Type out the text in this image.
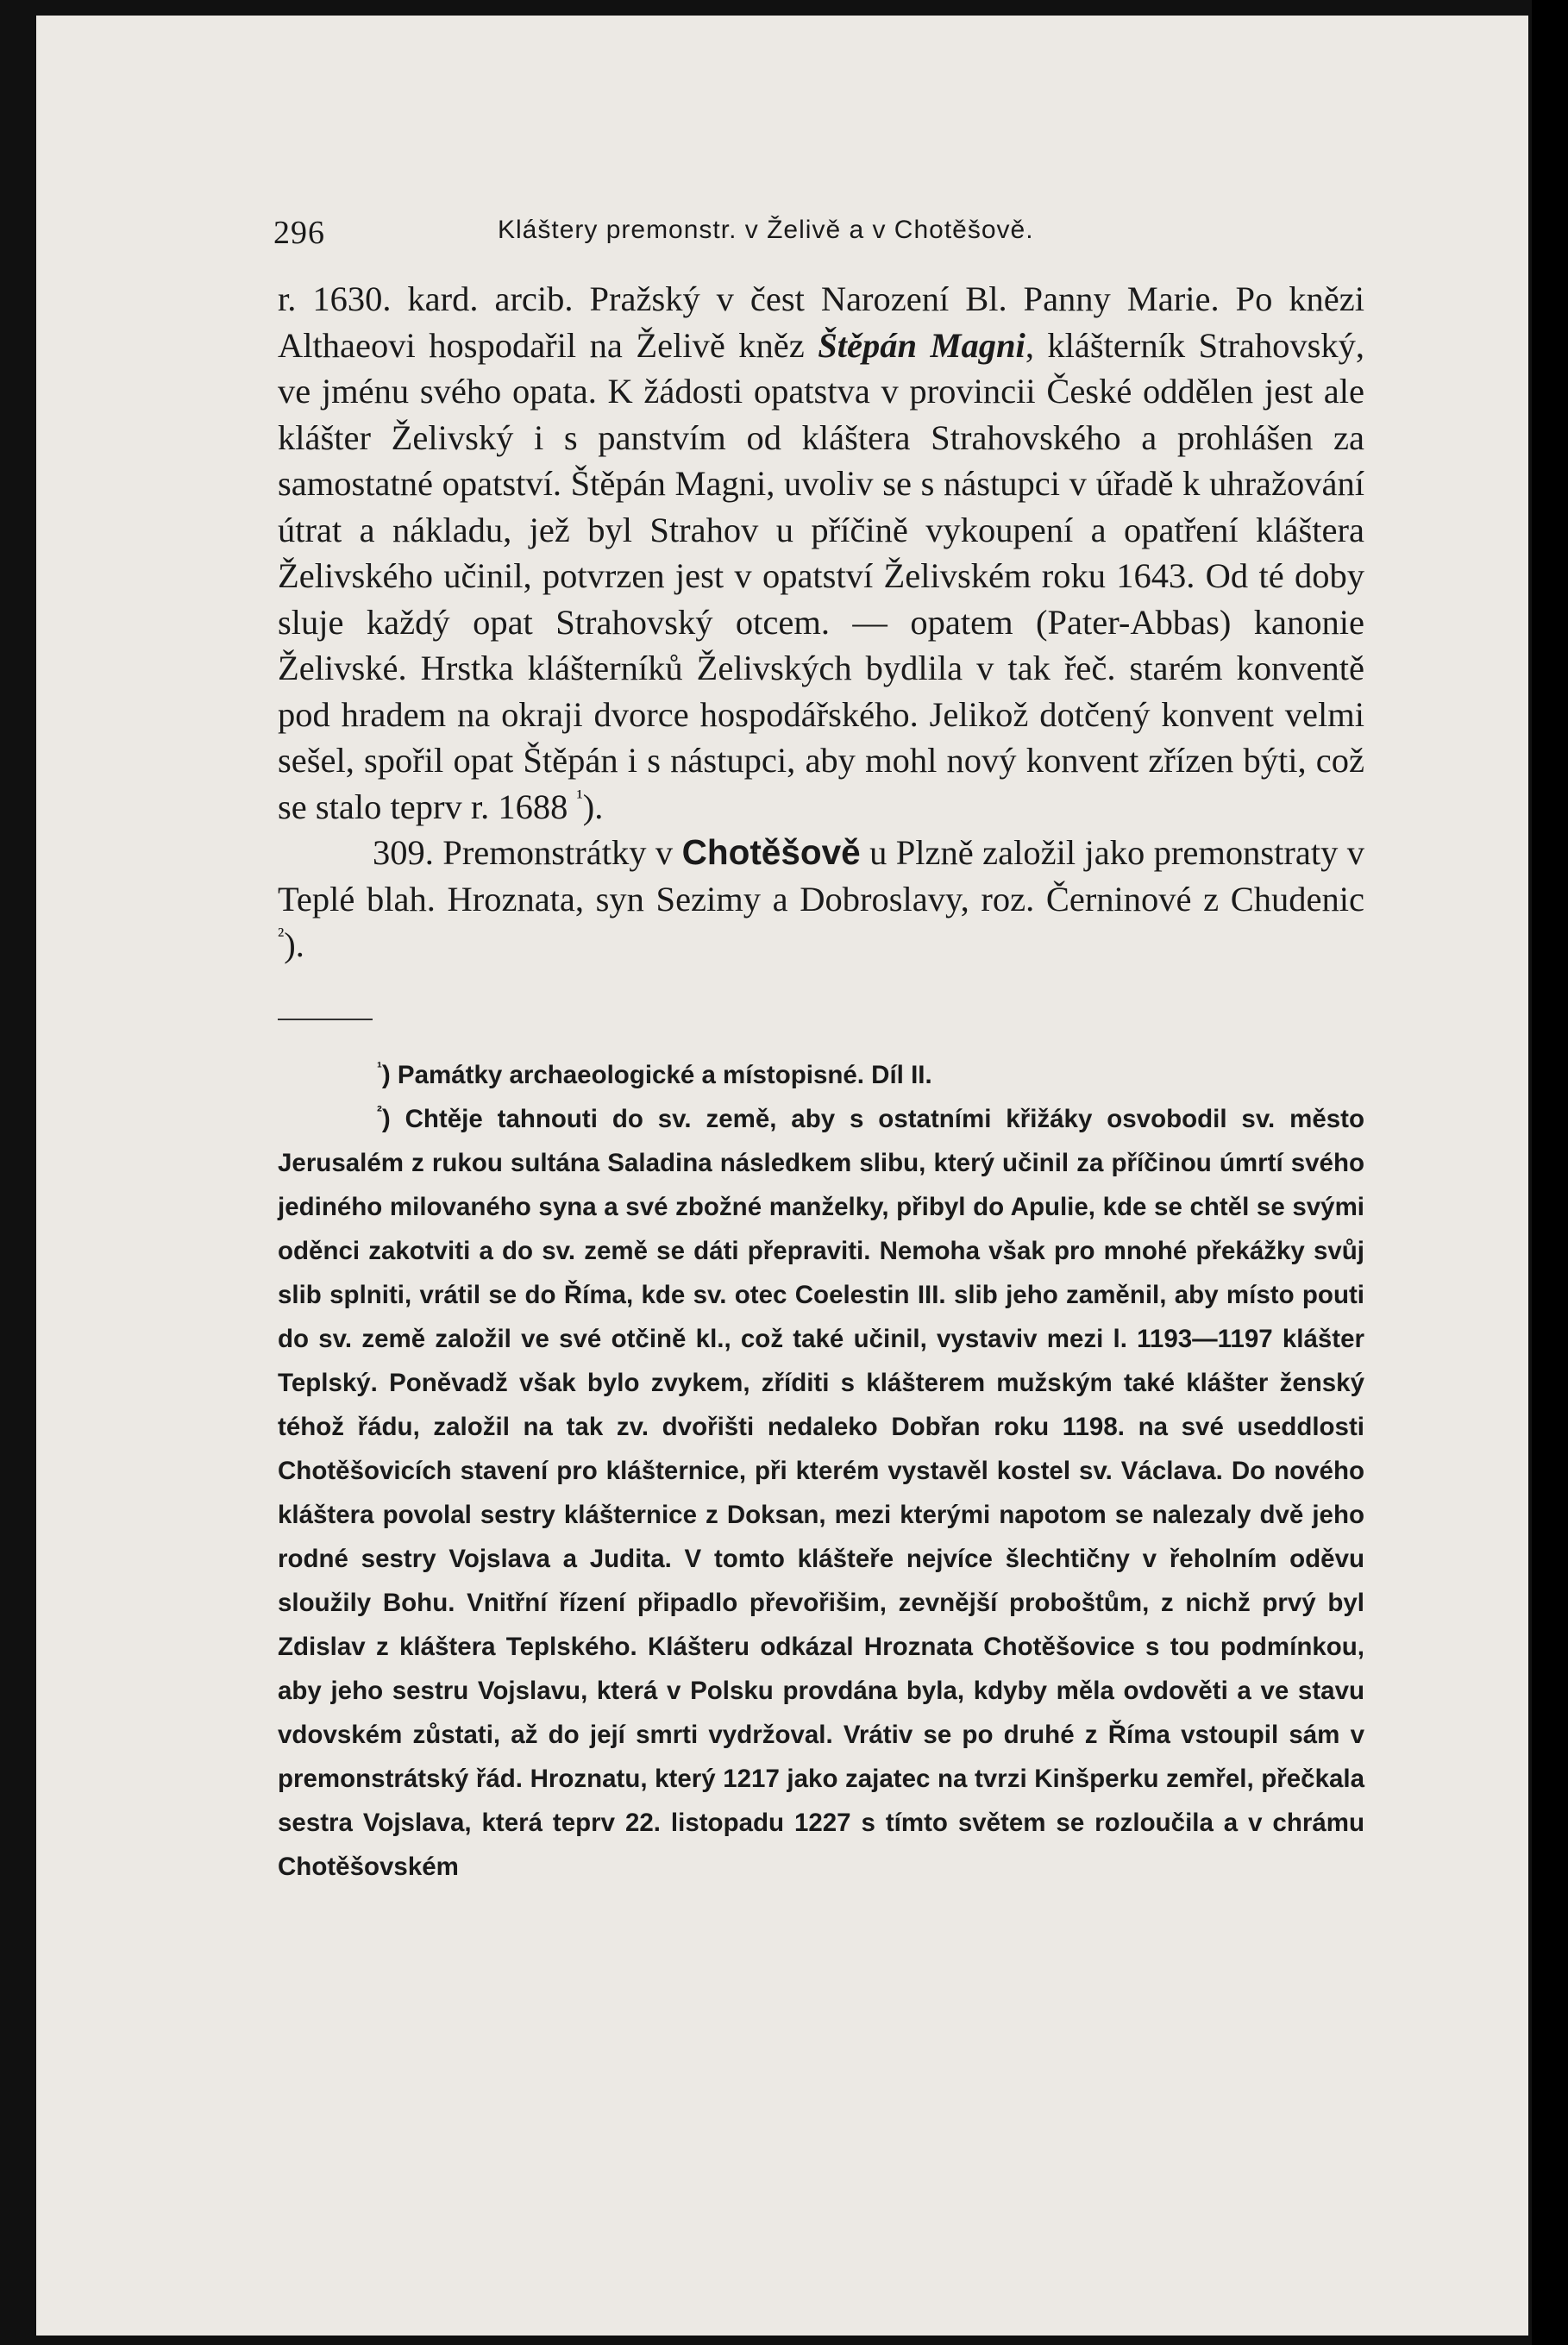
296	Kláštery premonstr. v Želivě a v Chotěšově.

r. 1630. kard. arcib. Pražský v čest Narození Bl. Panny Marie. Po knězi Althaeovi hospodařil na Želivě kněz Štěpán Magni, klášterník Strahovský, ve jménu svého opata. K žádosti opatstva v provincii České oddělen jest ale klášter Želivský i s panstvím od kláštera Strahovského a prohlášen za samostatné opatství. Štěpán Magni, uvoliv se s nástupci v úřadě k uhražování útrat a nákladu, jež byl Strahov u příčině vykoupení a opatření kláštera Želivského učinil, potvrzen jest v opatství Želivském roku 1643. Od té doby sluje každý opat Strahovský otcem. — opatem (Pater-Abbas) kanonie Želivské. Hrstka klášterníků Želivských bydlila v tak řeč. starém konventě pod hradem na okraji dvorce hospodářského. Jelikož dotčený konvent velmi sešel, spořil opat Štěpán i s nástupci, aby mohl nový konvent zřízen býti, což se stalo teprv r. 1688 $^{^1}$).

309. Premonstrátky v Chotěšově u Plzně založil jako premonstraty v Teplé blah. Hroznata, syn Sezimy a Dobroslavy, roz. Černinové z Chudenic $^{^2}$).

$^{^1}$) Památky archaeologické a místopisné. Díl II.

$^{^2}$) Chtěje tahnouti do sv. země, aby s ostatními křižáky osvobodil sv. město Jerusalém z rukou sultána Saladina následkem slibu, který učinil za příčinou úmrtí svého jediného milovaného syna a své zbožné manželky, přibyl do Apulie, kde se chtěl se svými oděnci zakotviti a do sv. země se dáti přepraviti. Nemoha však pro mnohé překážky svůj slib splniti, vrátil se do Říma, kde sv. otec Coelestin III. slib jeho zaměnil, aby místo pouti do sv. země založil ve své otčině kl., což také učinil, vystaviv mezi l. 1193—1197 klášter Teplský. Poněvadž však bylo zvykem, zříditi s klášterem mužským také klášter ženský téhož řádu, založil na tak zv. dvořišti nedaleko Dobřan roku 1198. na své useddlosti Chotěšovicích stavení pro klášternice, při kterém vystavěl kostel sv. Václava. Do nového kláštera povolal sestry klášternice z Doksan, mezi kterými napotom se nalezaly dvě jeho rodné sestry Vojslava a Judita. V tomto klášteře nejvíce šlechtičny v řeholním oděvu sloužily Bohu. Vnitřní řízení připadlo převořišim, zevnější proboštům, z nichž prvý byl Zdislav z kláštera Teplského. Klášteru odkázal Hroznata Chotěšovice s tou podmínkou, aby jeho sestru Vojslavu, která v Polsku provdána byla, kdyby měla ovdověti a ve stavu vdovském zůstati, až do její smrti vydržoval. Vrátiv se po druhé z Říma vstoupil sám v premonstrátský řád. Hroznatu, který 1217 jako zajatec na tvrzi Kinšperku zemřel, přečkala sestra Vojslava, která teprv 22. listopadu 1227 s tímto světem se rozloučila a v chrámu Chotěšovském
